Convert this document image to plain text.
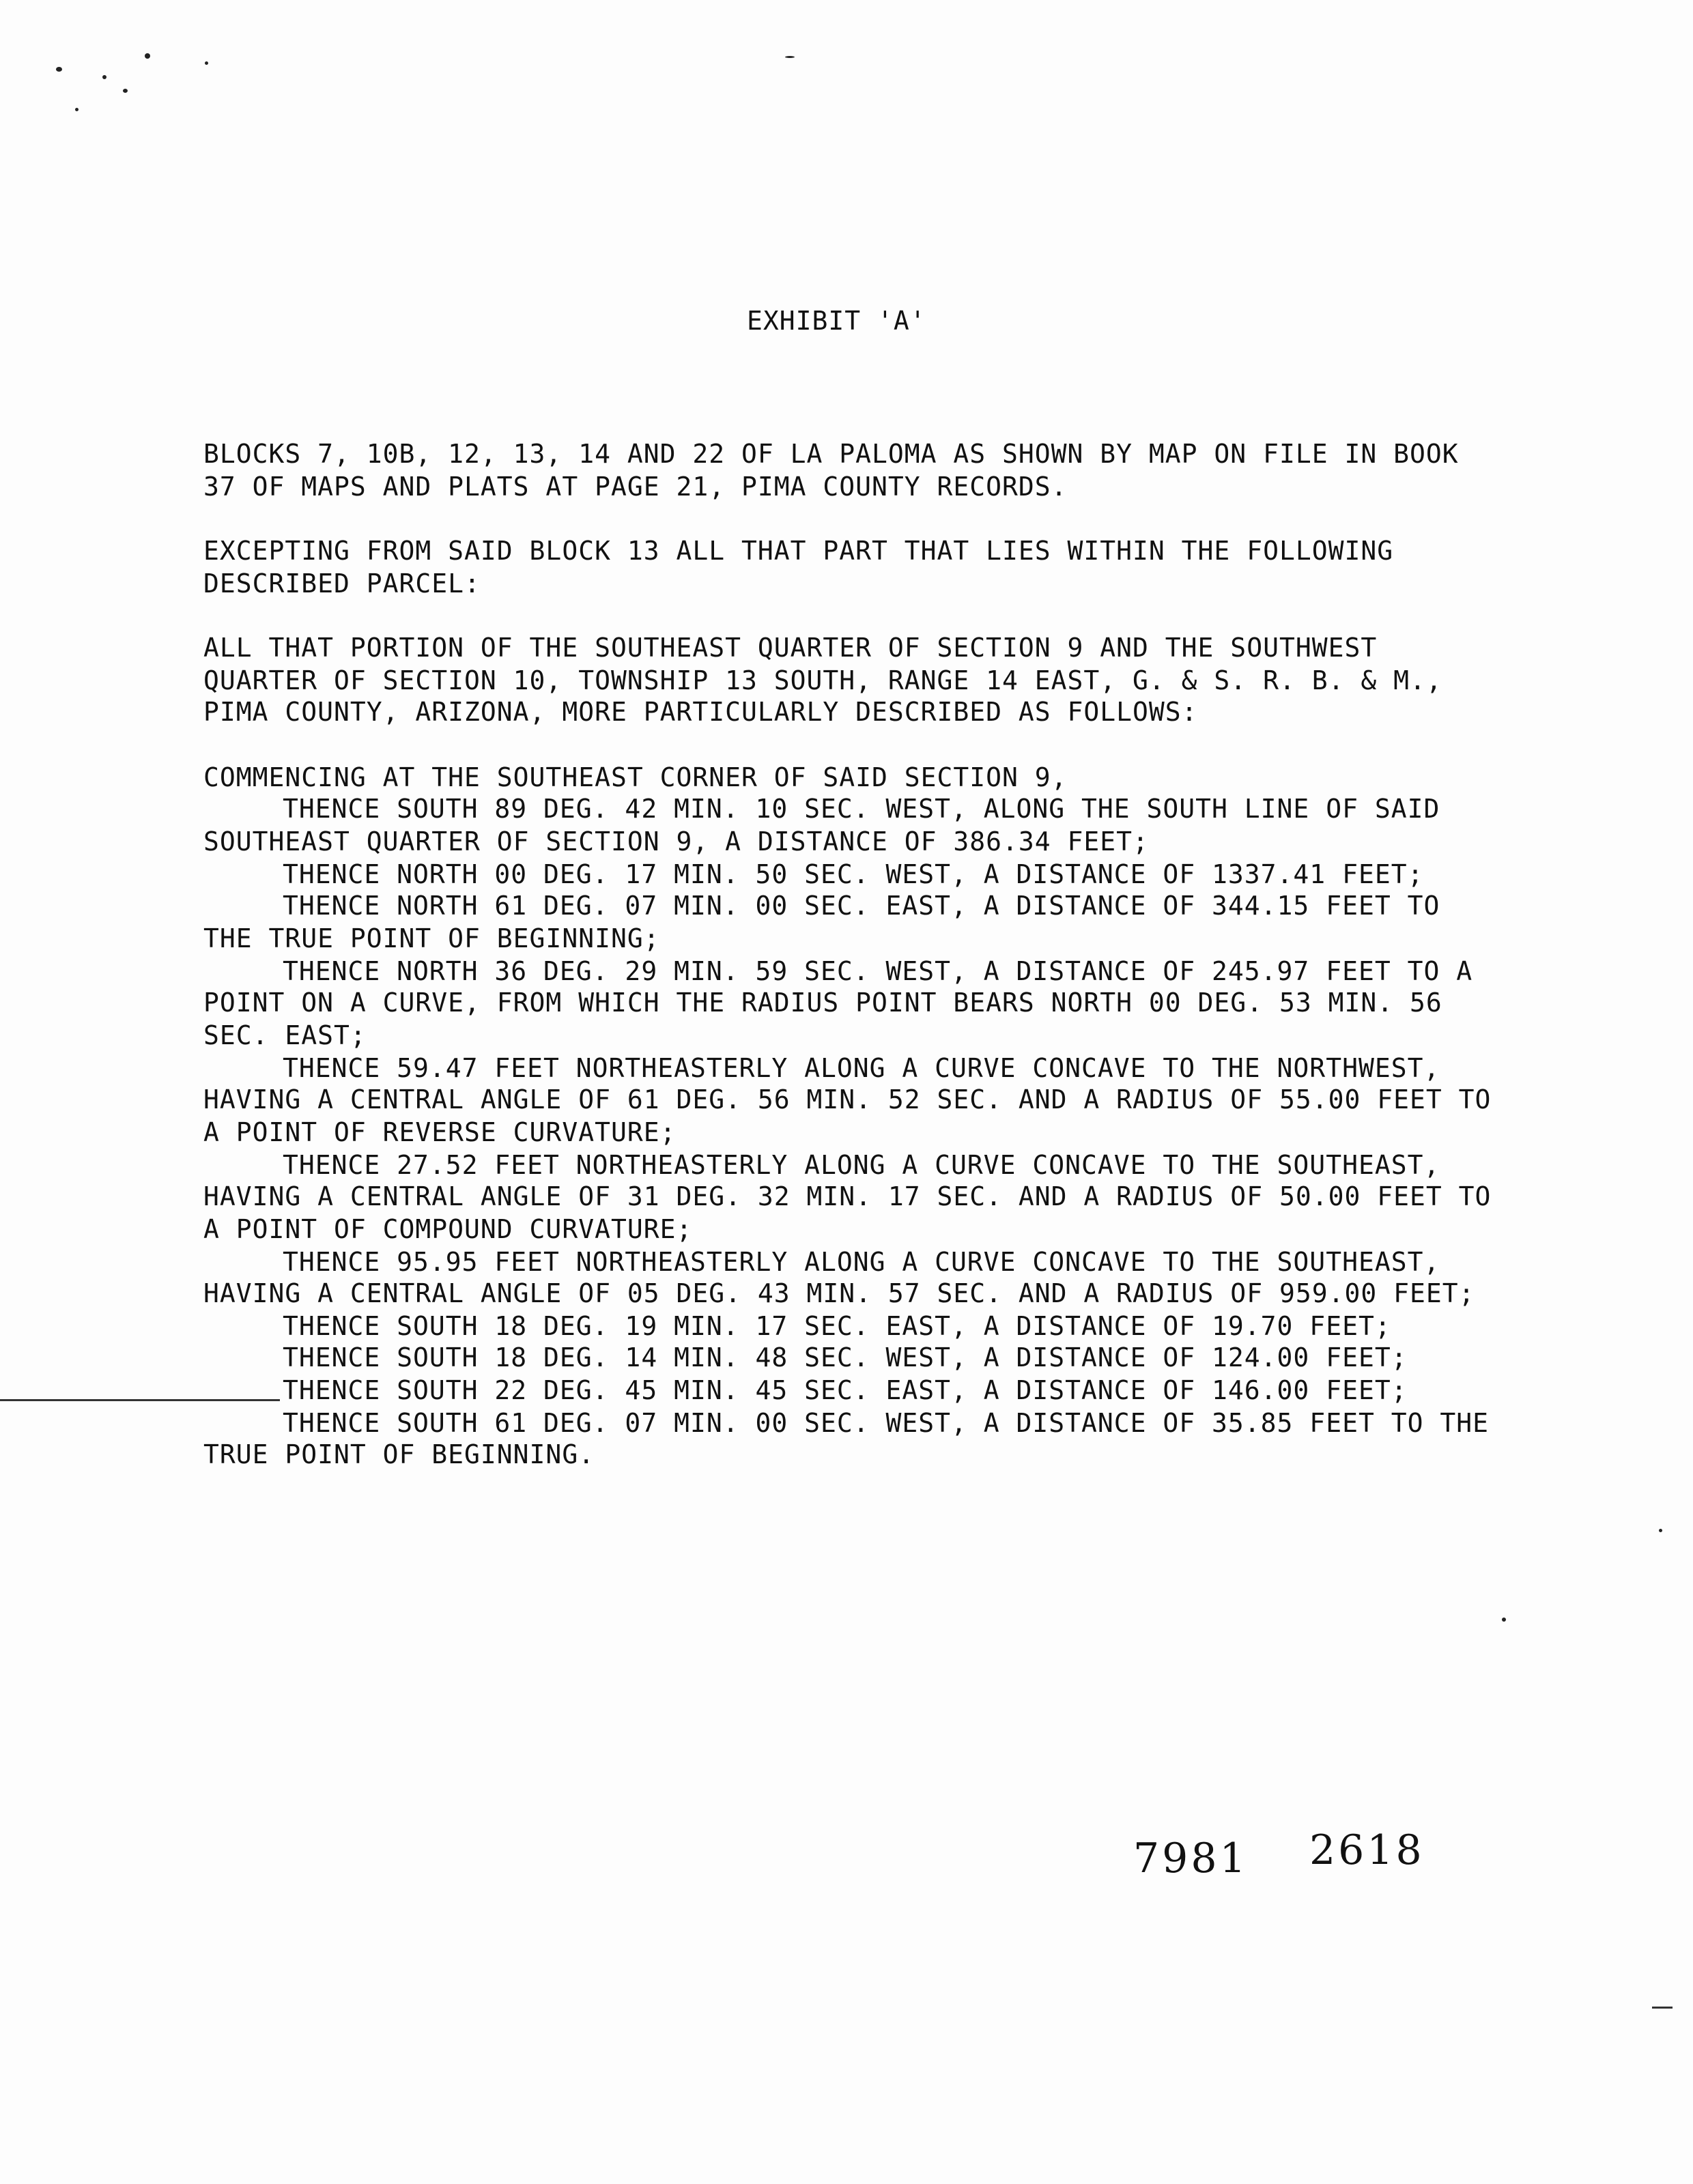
EXHIBIT 'A'
BLOCKS 7, 10B, 12, 13, 14 AND 22 OF LA PALOMA AS SHOWN BY MAP ON FILE IN BOOK
37 OF MAPS AND PLATS AT PAGE 21, PIMA COUNTY RECORDS.
EXCEPTING FROM SAID BLOCK 13 ALL THAT PART THAT LIES WITHIN THE FOLLOWING
DESCRIBED PARCEL:
ALL THAT PORTION OF THE SOUTHEAST QUARTER OF SECTION 9 AND THE SOUTHWEST
QUARTER OF SECTION 10, TOWNSHIP 13 SOUTH, RANGE 14 EAST, G. & S. R. B. & M.,
PIMA COUNTY, ARIZONA, MORE PARTICULARLY DESCRIBED AS FOLLOWS:
COMMENCING AT THE SOUTHEAST CORNER OF SAID SECTION 9,
THENCE SOUTH 89 DEG. 42 MIN. 10 SEC. WEST, ALONG THE SOUTH LINE OF SAID
SOUTHEAST QUARTER OF SECTION 9, A DISTANCE OF 386.34 FEET;
THENCE NORTH 00 DEG. 17 MIN. 50 SEC. WEST, A DISTANCE OF 1337.41 FEET;
THENCE NORTH 61 DEG. 07 MIN. 00 SEC. EAST, A DISTANCE OF 344.15 FEET TO
THE TRUE POINT OF BEGINNING;
THENCE NORTH 36 DEG. 29 MIN. 59 SEC. WEST, A DISTANCE OF 245.97 FEET TO A
POINT ON A CURVE, FROM WHICH THE RADIUS POINT BEARS NORTH 00 DEG. 53 MIN. 56
SEC. EAST;
THENCE 59.47 FEET NORTHEASTERLY ALONG A CURVE CONCAVE TO THE NORTHWEST,
HAVING A CENTRAL ANGLE OF 61 DEG. 56 MIN. 52 SEC. AND A RADIUS OF 55.00 FEET TO
A POINT OF REVERSE CURVATURE;
THENCE 27.52 FEET NORTHEASTERLY ALONG A CURVE CONCAVE TO THE SOUTHEAST,
HAVING A CENTRAL ANGLE OF 31 DEG. 32 MIN. 17 SEC. AND A RADIUS OF 50.00 FEET TO
A POINT OF COMPOUND CURVATURE;
THENCE 95.95 FEET NORTHEASTERLY ALONG A CURVE CONCAVE TO THE SOUTHEAST,
HAVING A CENTRAL ANGLE OF 05 DEG. 43 MIN. 57 SEC. AND A RADIUS OF 959.00 FEET;
THENCE SOUTH 18 DEG. 19 MIN. 17 SEC. EAST, A DISTANCE OF 19.70 FEET;
THENCE SOUTH 18 DEG. 14 MIN. 48 SEC. WEST, A DISTANCE OF 124.00 FEET;
THENCE SOUTH 22 DEG. 45 MIN. 45 SEC. EAST, A DISTANCE OF 146.00 FEET;
THENCE SOUTH 61 DEG. 07 MIN. 00 SEC. WEST, A DISTANCE OF 35.85 FEET TO THE
TRUE POINT OF BEGINNING.
7981 2618
